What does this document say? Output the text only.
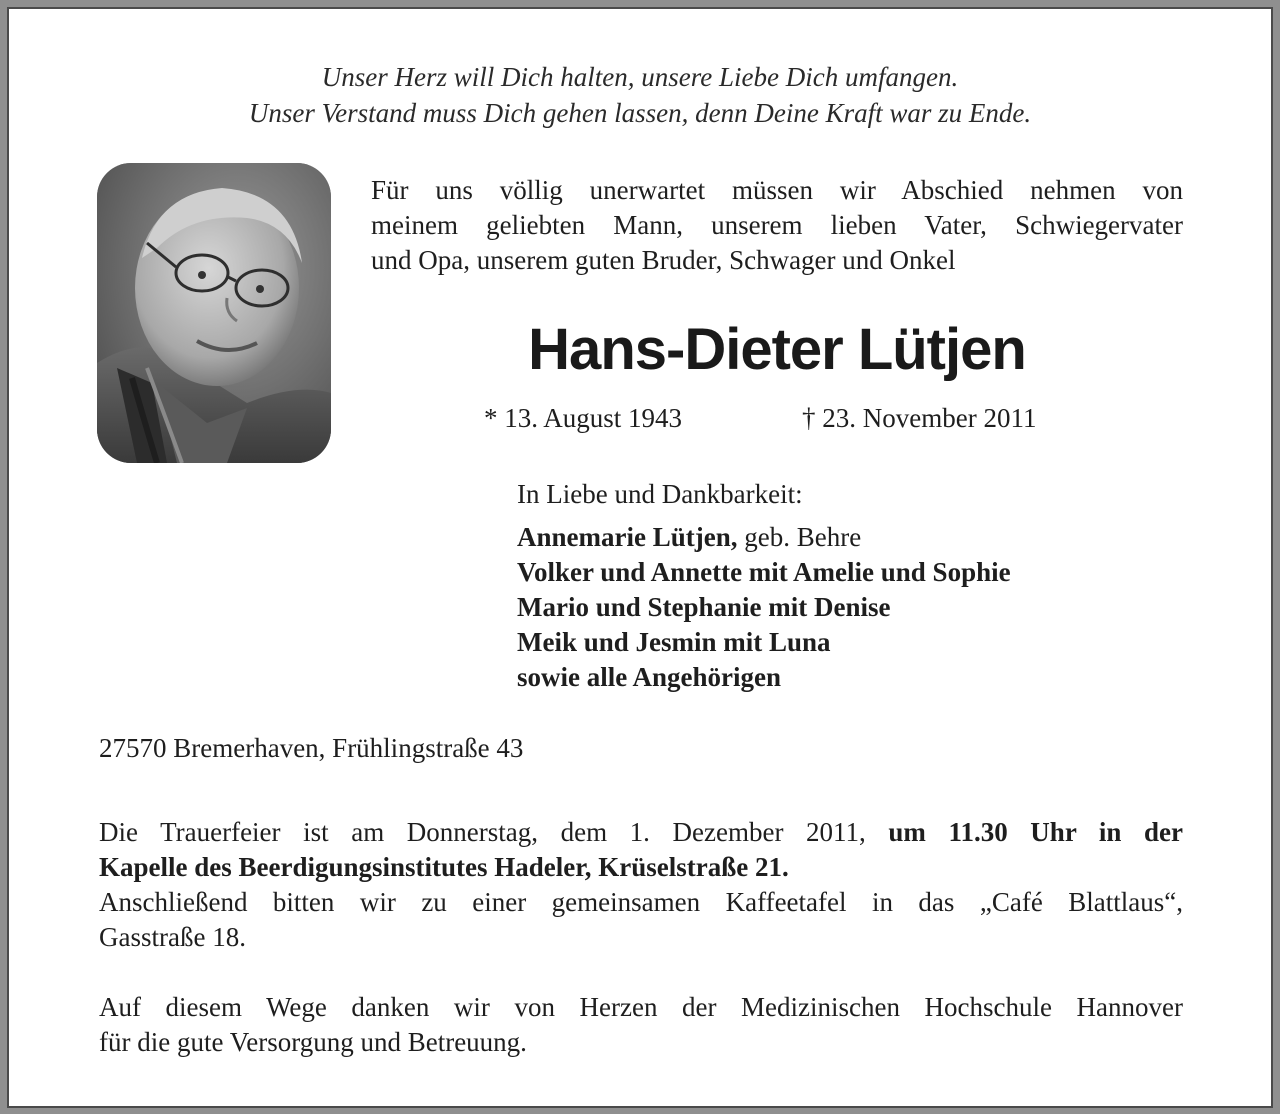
Unser Herz will Dich halten, unsere Liebe Dich umfangen.
Unser Verstand muss Dich gehen lassen, denn Deine Kraft war zu Ende.
Für uns völlig unerwartet müssen wir Abschied nehmen von
meinem geliebten Mann, unserem lieben Vater, Schwiegervater
und Opa, unserem guten Bruder, Schwager und Onkel
Hans-Dieter Lütjen
* 13. August 1943	† 23. November 2011
In Liebe und Dankbarkeit:
Annemarie Lütjen, geb. Behre
Volker und Annette mit Amelie und Sophie
Mario und Stephanie mit Denise
Meik und Jesmin mit Luna
sowie alle Angehörigen
27570 Bremerhaven, Frühlingstraße 43
Die Trauerfeier ist am Donnerstag, dem 1. Dezember 2011, um 11.30 Uhr in der
Kapelle des Beerdigungsinstitutes Hadeler, Krüselstraße 21.
Anschließend bitten wir zu einer gemeinsamen Kaffeetafel in das „Café Blattlaus“,
Gasstraße 18.
Auf diesem Wege danken wir von Herzen der Medizinischen Hochschule Hannover
für die gute Versorgung und Betreuung.
